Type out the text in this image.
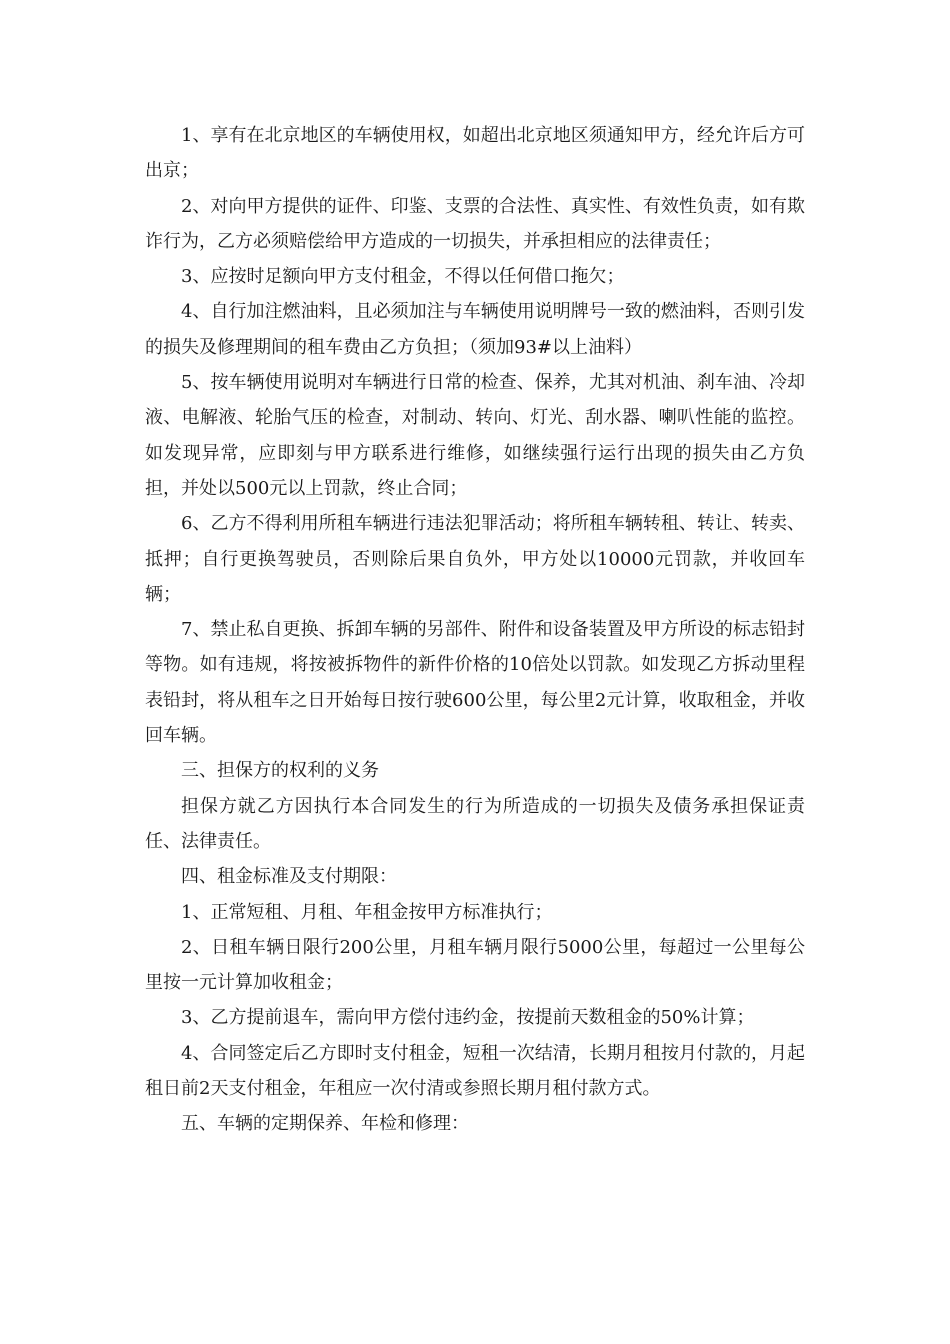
1、享有在北京地区的车辆使用权，如超出北京地区须通知甲方，经允许后方可出京；

2、对向甲方提供的证件、印鉴、支票的合法性、真实性、有效性负责，如有欺诈行为，乙方必须赔偿给甲方造成的一切损失，并承担相应的法律责任；

3、应按时足额向甲方支付租金，不得以任何借口拖欠；

4、自行加注燃油料，且必须加注与车辆使用说明牌号一致的燃油料，否则引发的损失及修理期间的租车费由乙方负担；（须加93#以上油料）

5、按车辆使用说明对车辆进行日常的检查、保养，尤其对机油、刹车油、冷却液、电解液、轮胎气压的检查，对制动、转向、灯光、刮水器、喇叭性能的监控。如发现异常，应即刻与甲方联系进行维修，如继续强行运行出现的损失由乙方负担，并处以500元以上罚款，终止合同；

6、乙方不得利用所租车辆进行违法犯罪活动；将所租车辆转租、转让、转卖、抵押；自行更换驾驶员，否则除后果自负外，甲方处以10000元罚款，并收回车辆；

7、禁止私自更换、拆卸车辆的另部件、附件和设备装置及甲方所设的标志铅封等物。如有违规，将按被拆物件的新件价格的10倍处以罚款。如发现乙方拆动里程表铅封，将从租车之日开始每日按行驶600公里，每公里2元计算，收取租金，并收回车辆。

三、担保方的权利的义务

担保方就乙方因执行本合同发生的行为所造成的一切损失及债务承担保证责任、法律责任。

四、租金标准及支付期限：

1、正常短租、月租、年租金按甲方标准执行；

2、日租车辆日限行200公里，月租车辆月限行5000公里，每超过一公里每公里按一元计算加收租金；

3、乙方提前退车，需向甲方偿付违约金，按提前天数租金的50%计算；

4、合同签定后乙方即时支付租金，短租一次结清，长期月租按月付款的，月起租日前2天支付租金，年租应一次付清或参照长期月租付款方式。

五、车辆的定期保养、年检和修理：
